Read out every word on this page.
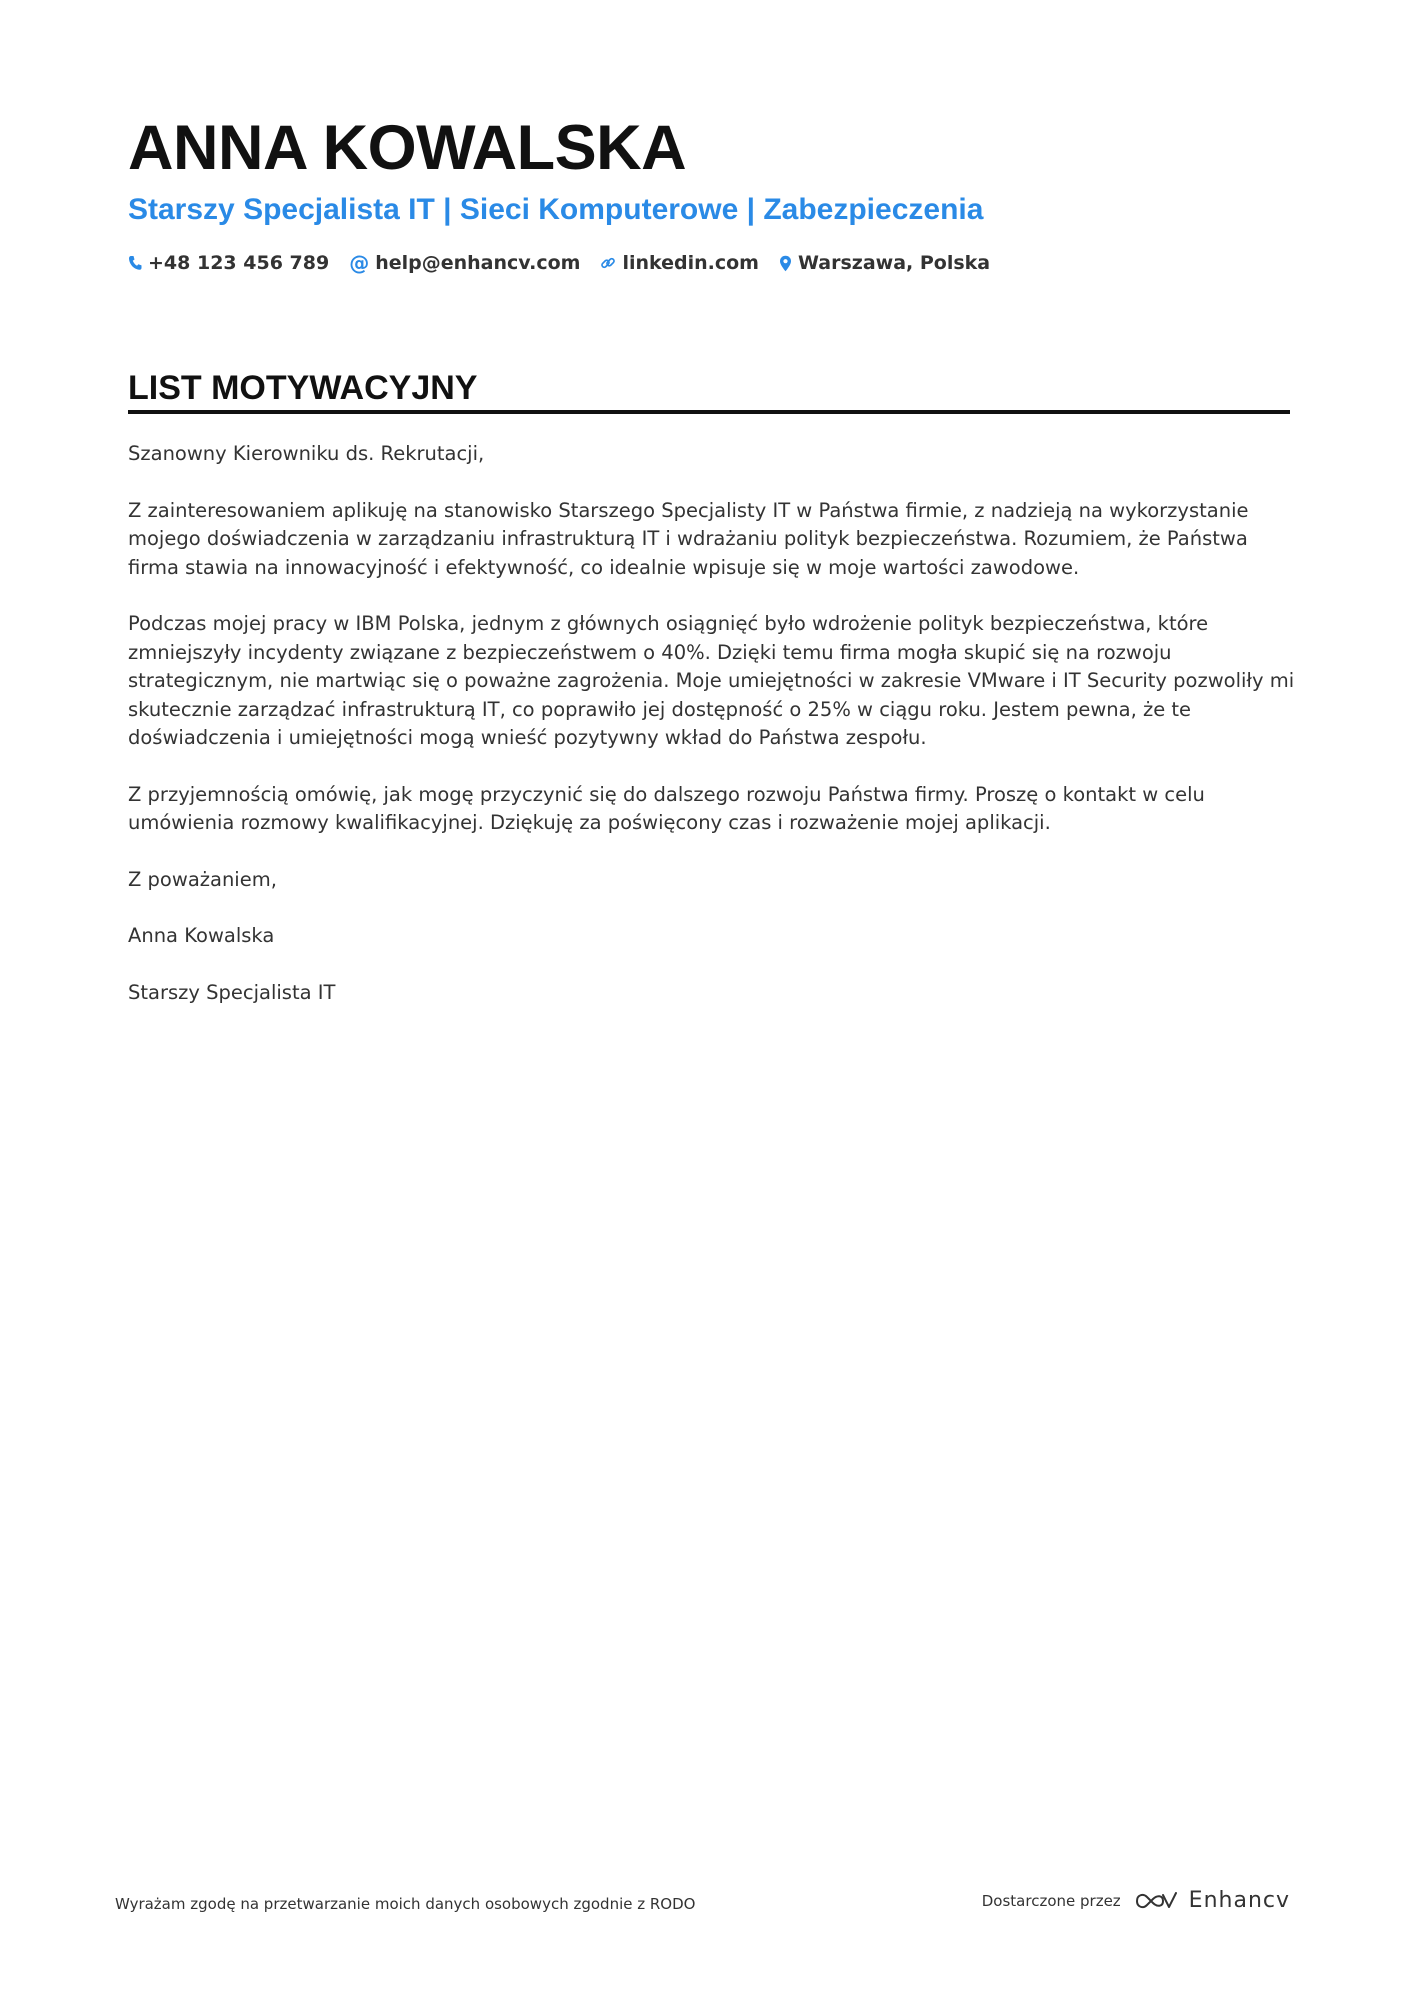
ANNA KOWALSKA
Starszy Specjalista IT | Sieci Komputerowe | Zabezpieczenia
+48 123 456 789 @ help@enhancv.com linkedin.com Warszawa, Polska
LIST MOTYWACYJNY

Szanowny Kierowniku ds. Rekrutacji,

Z zainteresowaniem aplikuję na stanowisko Starszego Specjalisty IT w Państwa firmie, z nadzieją na wykorzystanie mojego doświadczenia w zarządzaniu infrastrukturą IT i wdrażaniu polityk bezpieczeństwa. Rozumiem, że Państwa firma stawia na innowacyjność i efektywność, co idealnie wpisuje się w moje wartości zawodowe.

Podczas mojej pracy w IBM Polska, jednym z głównych osiągnięć było wdrożenie polityk bezpieczeństwa, które zmniejszyły incydenty związane z bezpieczeństwem o 40%. Dzięki temu firma mogła skupić się na rozwoju strategicznym, nie martwiąc się o poważne zagrożenia. Moje umiejętności w zakresie VMware i IT Security pozwoliły mi skutecznie zarządzać infrastrukturą IT, co poprawiło jej dostępność o 25% w ciągu roku. Jestem pewna, że te doświadczenia i umiejętności mogą wnieść pozytywny wkład do Państwa zespołu.

Z przyjemnością omówię, jak mogę przyczynić się do dalszego rozwoju Państwa firmy. Proszę o kontakt w celu umówienia rozmowy kwalifikacyjnej. Dziękuję za poświęcony czas i rozważenie mojej aplikacji.

Z poważaniem,

Anna Kowalska

Starszy Specjalista IT

Wyrażam zgodę na przetwarzanie moich danych osobowych zgodnie z RODO	Dostarczone przez	Enhancv
